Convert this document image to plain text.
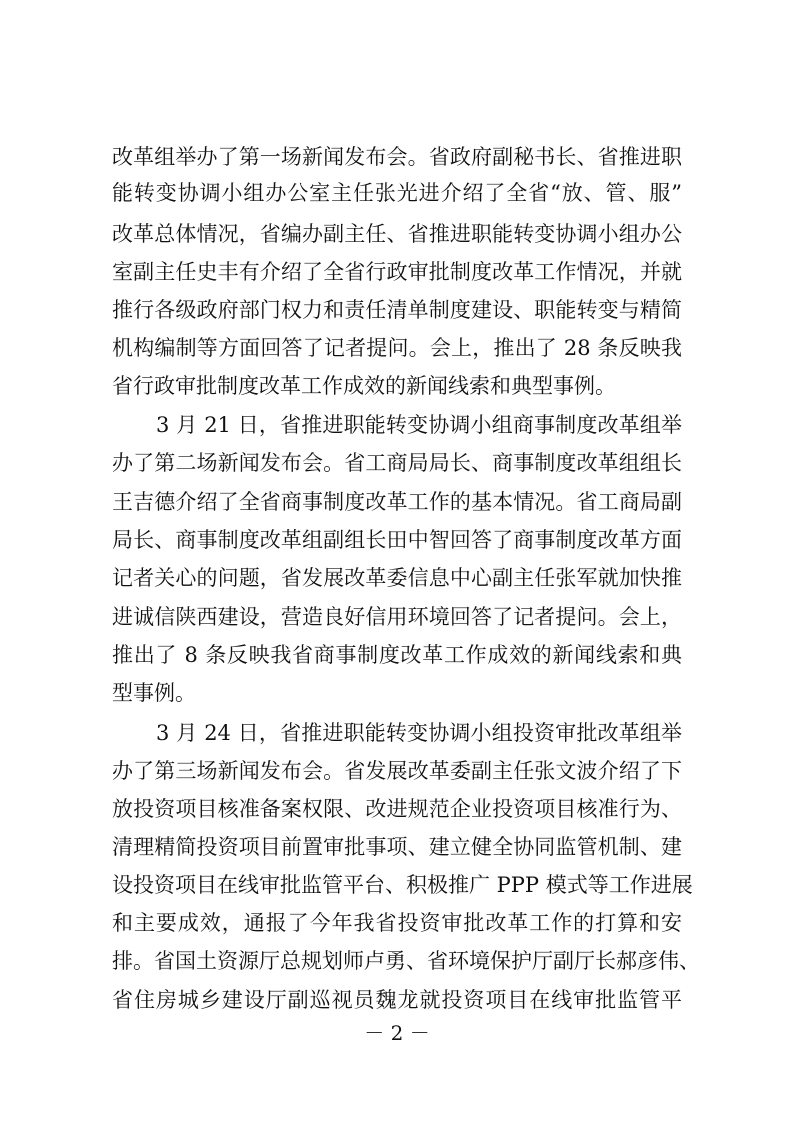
改革组举办了第一场新闻发布会。省政府副秘书长、省推进职
能转变协调小组办公室主任张光进介绍了全省“放、管、服”
改革总体情况，省编办副主任、省推进职能转变协调小组办公
室副主任史丰有介绍了全省行政审批制度改革工作情况，并就
推行各级政府部门权力和责任清单制度建设、职能转变与精简
机构编制等方面回答了记者提问。会上，推出了 28 条反映我
省行政审批制度改革工作成效的新闻线索和典型事例。
3 月 21 日，省推进职能转变协调小组商事制度改革组举
办了第二场新闻发布会。省工商局局长、商事制度改革组组长
王吉德介绍了全省商事制度改革工作的基本情况。省工商局副
局长、商事制度改革组副组长田中智回答了商事制度改革方面
记者关心的问题，省发展改革委信息中心副主任张军就加快推
进诚信陕西建设，营造良好信用环境回答了记者提问。会上，
推出了 8 条反映我省商事制度改革工作成效的新闻线索和典
型事例。
3 月 24 日，省推进职能转变协调小组投资审批改革组举
办了第三场新闻发布会。省发展改革委副主任张文波介绍了下
放投资项目核准备案权限、改进规范企业投资项目核准行为、
清理精简投资项目前置审批事项、建立健全协同监管机制、建
设投资项目在线审批监管平台、积极推广 PPP 模式等工作进展
和主要成效，通报了今年我省投资审批改革工作的打算和安
排。省国土资源厅总规划师卢勇、省环境保护厅副厅长郝彦伟、
省住房城乡建设厅副巡视员魏龙就投资项目在线审批监管平
－ 2 －
